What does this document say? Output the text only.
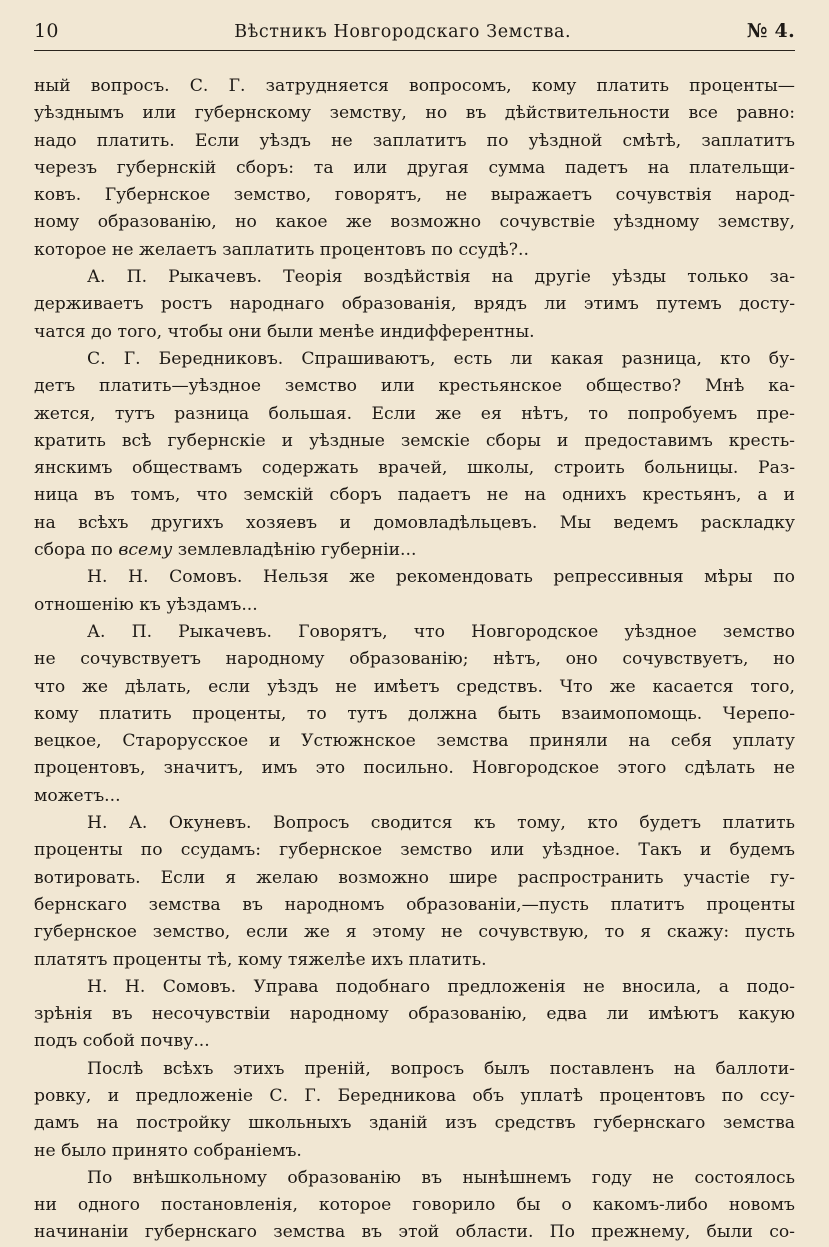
10	Вѣстникъ Новгородскаго Земства.	№ 4.
ный вопросъ. С. Г. затрудняется вопросомъ, кому платить проценты—
уѣзднымъ или губернскому земству, но въ дѣйствительности все равно:
надо платить. Если уѣздъ не заплатитъ по уѣздной смѣтѣ, заплатитъ
черезъ губернскій сборъ: та или другая сумма падетъ на плательщи-
ковъ. Губернское земство, говорятъ, не выражаетъ сочувствія народ-
ному образованію, но какое же возможно сочувствіе уѣздному земству,
которое не желаетъ заплатить процентовъ по ссудѣ?..
А. П. Рыкачевъ. Теорія воздѣйствія на другіе уѣзды только за-
держиваетъ ростъ народнаго образованія, врядъ ли этимъ путемъ досту-
чатся до того, чтобы они были менѣе индифферентны.
С. Г. Бередниковъ. Спрашиваютъ, есть ли какая разница, кто бу-
детъ платить—уѣздное земство или крестьянское общество? Мнѣ ка-
жется, тутъ разница большая. Если же ея нѣтъ, то попробуемъ пре-
кратить всѣ губернскіе и уѣздные земскіе сборы и предоставимъ кресть-
янскимъ обществамъ содержать врачей, школы, строить больницы. Раз-
ница въ томъ, что земскій сборъ падаетъ не на однихъ крестьянъ, а и
на всѣхъ другихъ хозяевъ и домовладѣльцевъ. Мы ведемъ раскладку
сбора по всему землевладѣнію губерніи...
Н. Н. Сомовъ. Нельзя же рекомендовать репрессивныя мѣры по
отношенію къ уѣздамъ...
А. П. Рыкачевъ. Говорятъ, что Новгородское уѣздное земство
не сочувствуетъ народному образованію; нѣтъ, оно сочувствуетъ, но
что же дѣлать, если уѣздъ не имѣетъ средствъ. Что же касается того,
кому платить проценты, то тутъ должна быть взаимопомощь. Черепо-
вецкое, Старорусское и Устюжнское земства приняли на себя уплату
процентовъ, значитъ, имъ это посильно. Новгородское этого сдѣлать не
можетъ...
Н. А. Окуневъ. Вопросъ сводится къ тому, кто будетъ платить
проценты по ссудамъ: губернское земство или уѣздное. Такъ и будемъ
вотировать. Если я желаю возможно шире распространить участіе гу-
бернскаго земства въ народномъ образованіи,—пусть платитъ проценты
губернское земство, если же я этому не сочувствую, то я скажу: пусть
платятъ проценты тѣ, кому тяжелѣе ихъ платить.
Н. Н. Сомовъ. Управа подобнаго предложенія не вносила, а подо-
зрѣнія въ несочувствіи народному образованію, едва ли имѣютъ какую
подъ собой почву...
Послѣ всѣхъ этихъ преній, вопросъ былъ поставленъ на баллоти-
ровку, и предложеніе С. Г. Бередникова объ уплатѣ процентовъ по ссу-
дамъ на постройку школьныхъ зданій изъ средствъ губернскаго земства
не было принято собраніемъ.
По внѣшкольному образованію въ нынѣшнемъ году не состоялось
ни одного постановленія, которое говорило бы о какомъ-либо новомъ
начинаніи губернскаго земства въ этой области. По прежнему, были со-
